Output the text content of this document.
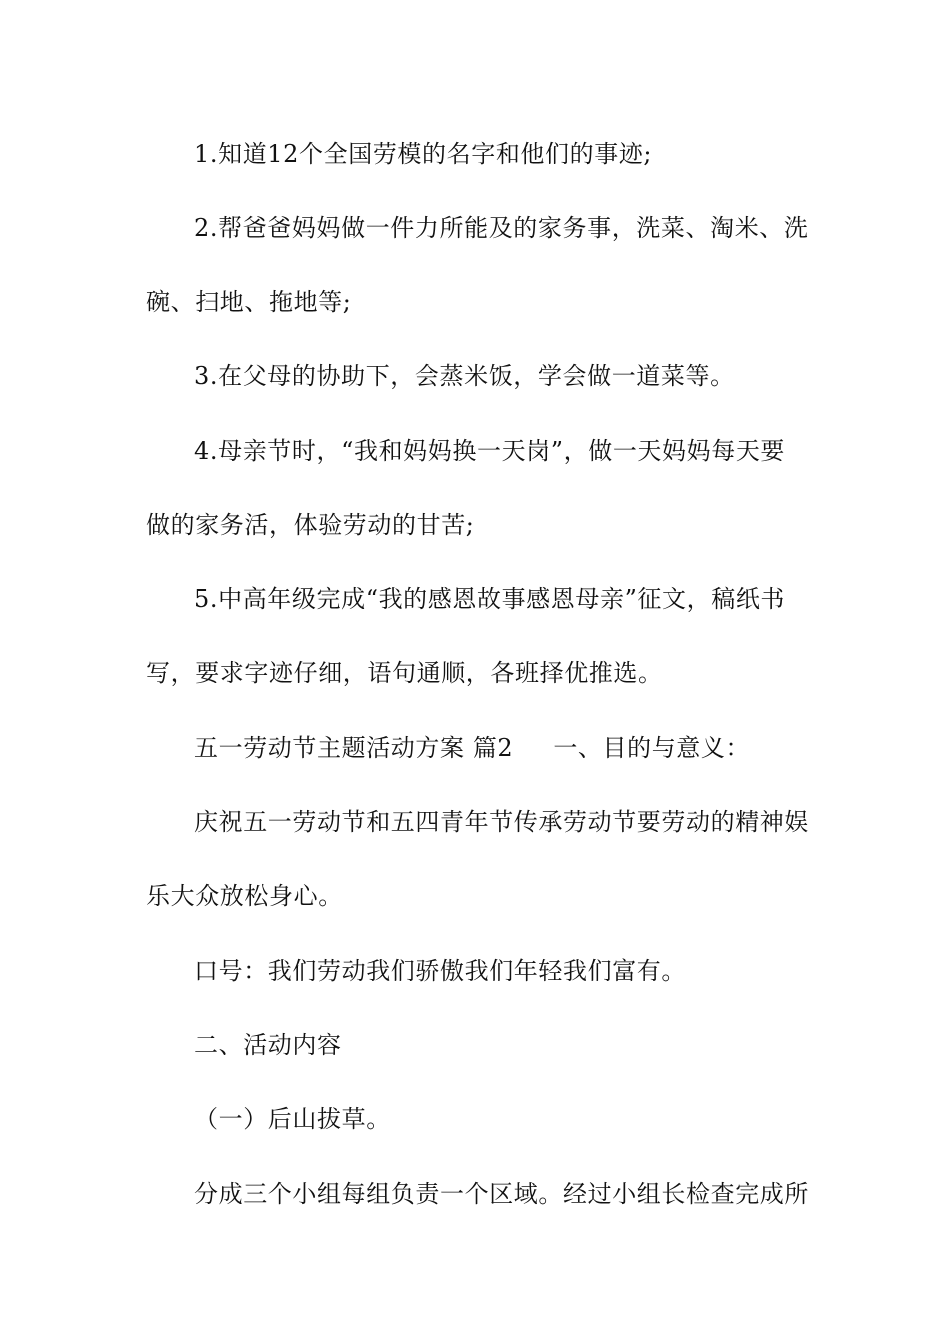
1.知道12个全国劳模的名字和他们的事迹;
2.帮爸爸妈妈做一件力所能及的家务事，洗菜、淘米、洗
碗、扫地、拖地等;
3.在父母的协助下，会蒸米饭，学会做一道菜等。
4.母亲节时，“我和妈妈换一天岗”，做一天妈妈每天要
做的家务活，体验劳动的甘苦;
5.中高年级完成“我的感恩故事感恩母亲”征文，稿纸书
写，要求字迹仔细，语句通顺，各班择优推选。
五一劳动节主题活动方案 篇2 一、目的与意义：
庆祝五一劳动节和五四青年节传承劳动节要劳动的精神娱
乐大众放松身心。
口号：我们劳动我们骄傲我们年轻我们富有。
二、活动内容
（一）后山拔草。
分成三个小组每组负责一个区域。经过小组长检查完成所
